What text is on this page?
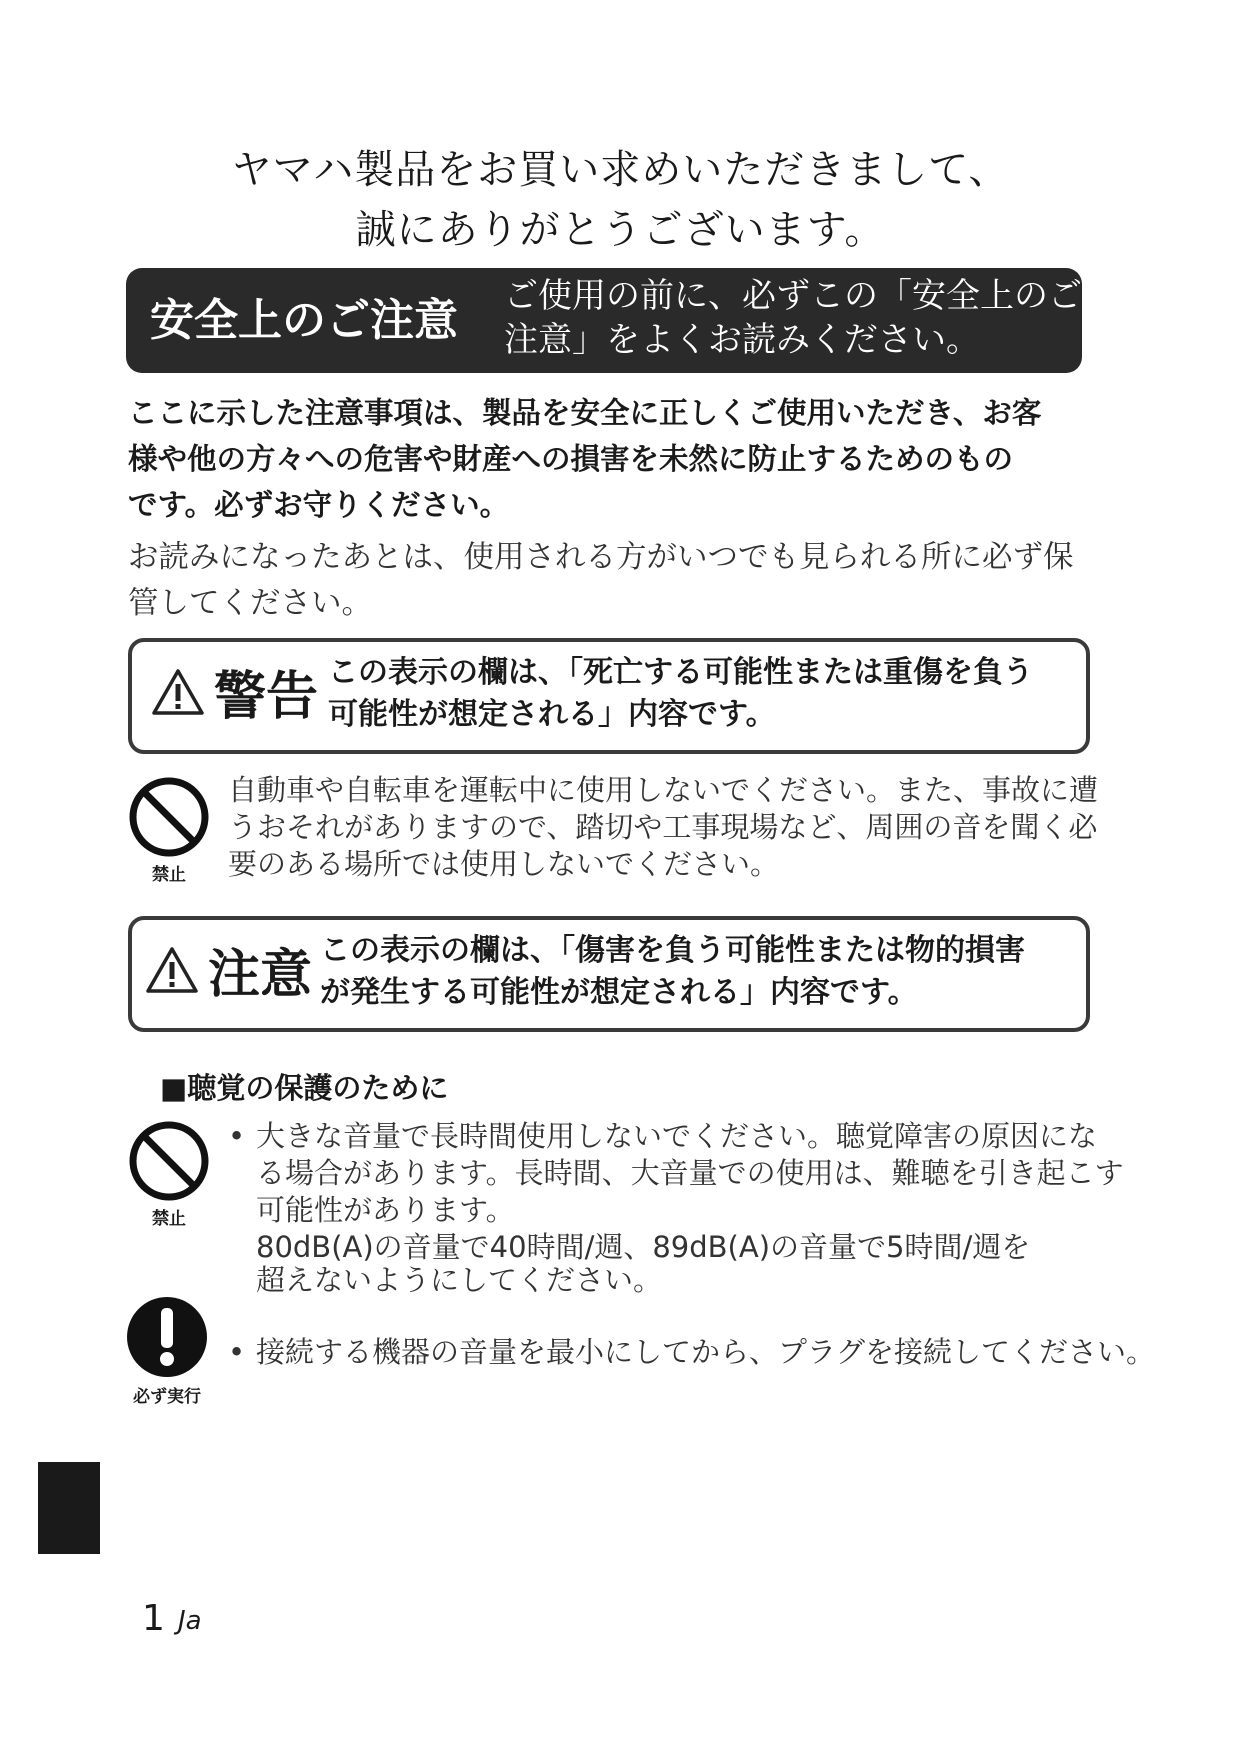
ヤマハ製品をお買い求めいただきまして、
誠にありがとうございます。
安全上のご注意 ご使用の前に、必ずこの「安全上のご
注意」をよくお読みください。
ここに示した注意事項は、製品を安全に正しくご使用いただき、お客
様や他の方々への危害や財産への損害を未然に防止するためのもの
です。必ずお守りください。
お読みになったあとは、使用される方がいつでも見られる所に必ず保
管してください。
警告 この表示の欄は、「死亡する可能性または重傷を負う
可能性が想定される」内容です。
禁止
自動車や自転車を運転中に使用しないでください。また、事故に遭
うおそれがありますので、踏切や工事現場など、周囲の音を聞く必
要のある場所では使用しないでください。
注意 この表示の欄は、「傷害を負う可能性または物的損害
が発生する可能性が想定される」内容です。
■聴覚の保護のために
禁止
• 大きな音量で長時間使用しないでください。聴覚障害の原因にな
る場合があります。長時間、大音量での使用は、難聴を引き起こす
可能性があります。
80dB(A)の音量で40時間/週、89dB(A)の音量で5時間/週を
超えないようにしてください。
必ず実行
• 接続する機器の音量を最小にしてから、プラグを接続してください。
1 Ja
